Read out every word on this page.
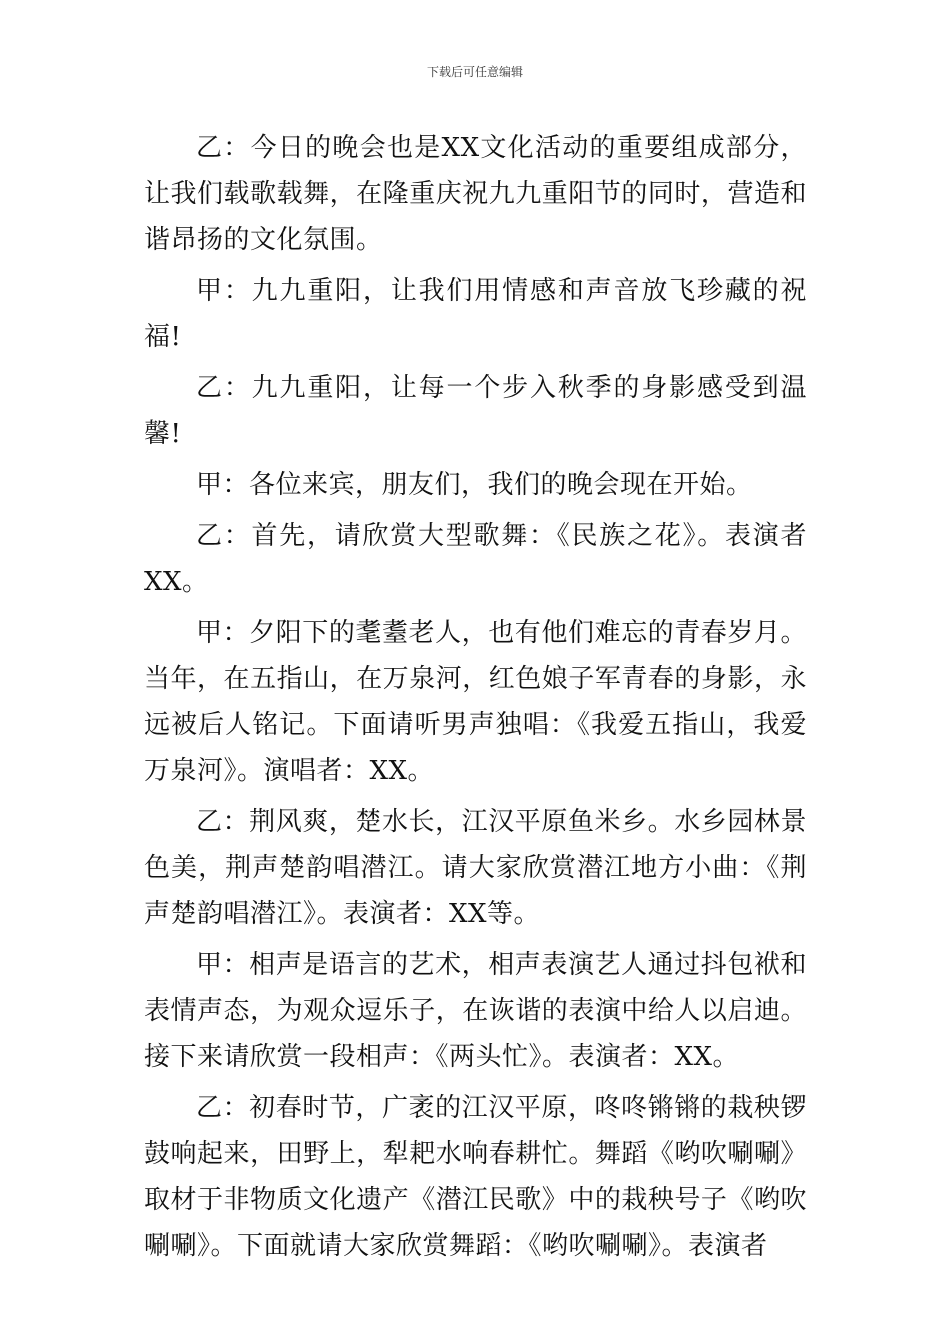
下载后可任意编辑

乙：今日的晚会也是XX文化活动的重要组成部分，让我们载歌载舞，在隆重庆祝九九重阳节的同时，营造和谐昂扬的文化氛围。

甲：九九重阳，让我们用情感和声音放飞珍藏的祝福!

乙：九九重阳，让每一个步入秋季的身影感受到温馨!

甲：各位来宾，朋友们，我们的晚会现在开始。

乙：首先，请欣赏大型歌舞：《民族之花》。表演者XX。

甲：夕阳下的耄耋老人，也有他们难忘的青春岁月。当年，在五指山，在万泉河，红色娘子军青春的身影，永远被后人铭记。下面请听男声独唱：《我爱五指山，我爱万泉河》。演唱者：XX。

乙：荆风爽，楚水长，江汉平原鱼米乡。水乡园林景色美，荆声楚韵唱潜江。请大家欣赏潜江地方小曲：《荆声楚韵唱潜江》。表演者：XX等。

甲：相声是语言的艺术，相声表演艺人通过抖包袱和表情声态，为观众逗乐子，在诙谐的表演中给人以启迪。接下来请欣赏一段相声：《两头忙》。表演者：XX。

乙：初春时节，广袤的江汉平原，咚咚锵锵的栽秧锣鼓响起来，田野上，犁耙水响春耕忙。舞蹈《哟吹唰唰》取材于非物质文化遗产《潜江民歌》中的栽秧号子《哟吹唰唰》。下面就请大家欣赏舞蹈：《哟吹唰唰》。表演者
